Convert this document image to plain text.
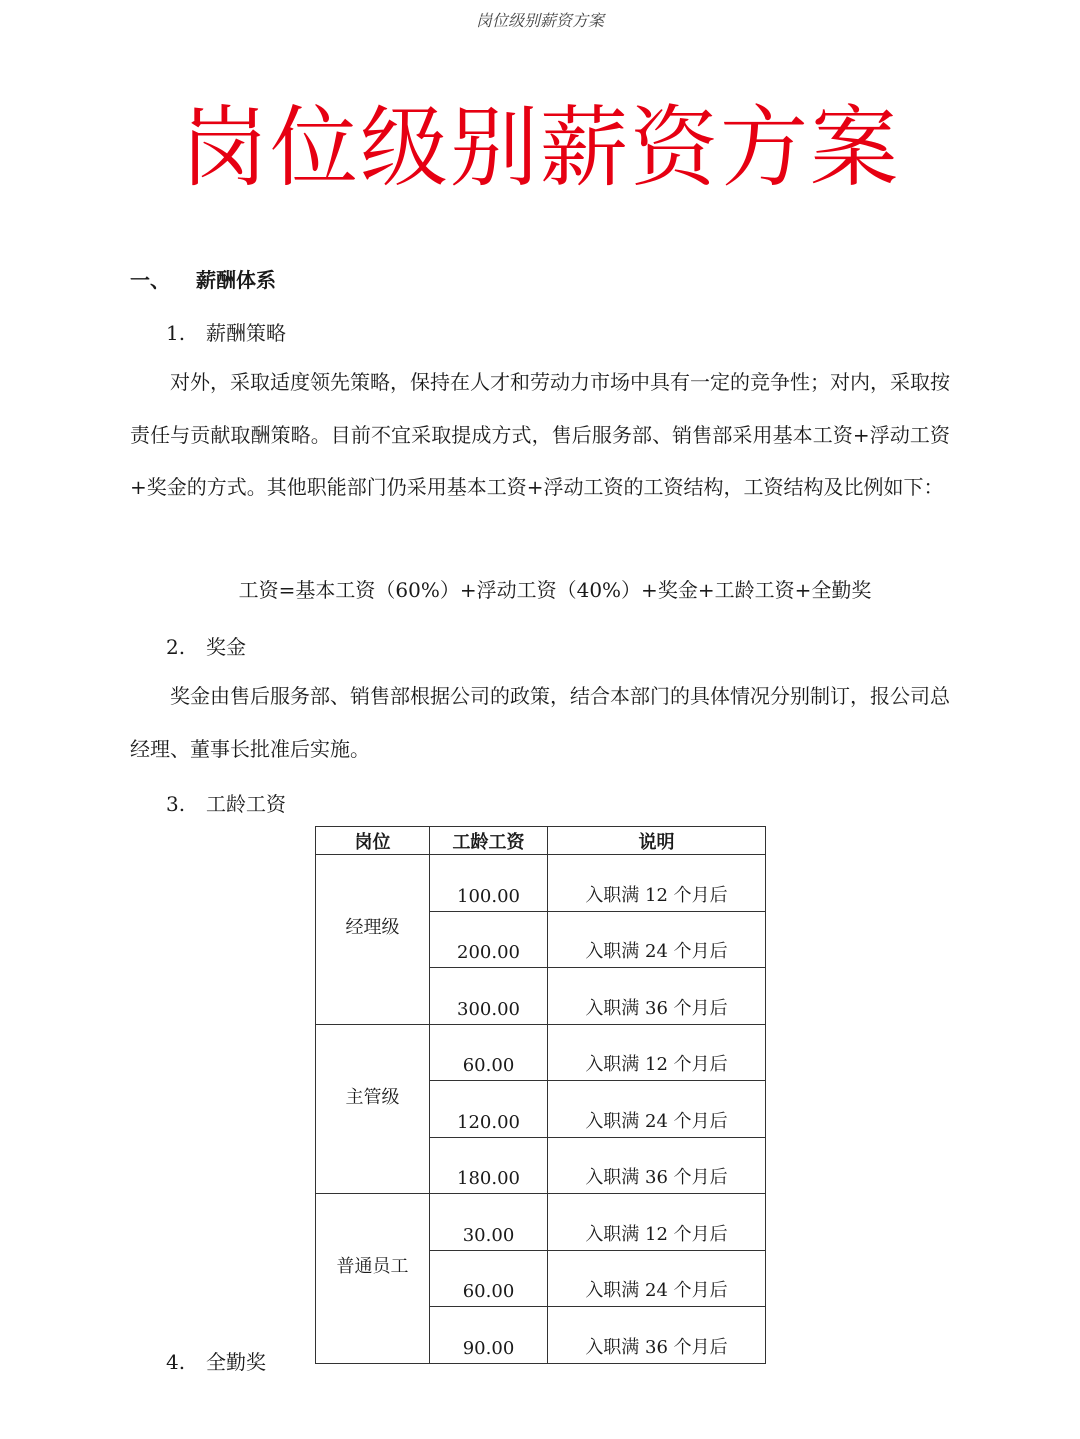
岗位级别薪资方案
岗位级别薪资方案
一、 薪酬体系
1. 薪酬策略

对外，采取适度领先策略，保持在人才和劳动力市场中具有一定的竞争性；对内，采取按责任与贡献取酬策略。目前不宜采取提成方式，售后服务部、销售部采用基本工资+浮动工资+奖金的方式。其他职能部门仍采用基本工资+浮动工资的工资结构，工资结构及比例如下：

工资=基本工资（60%）+浮动工资（40%）+奖金+工龄工资+全勤奖
2. 奖金

奖金由售后服务部、销售部根据公司的政策，结合本部门的具体情况分别制订，报公司总经理、董事长批准后实施。

3. 工龄工资
岗位	工龄工资	说明
经理级	100.00	入职满 12 个月后
	200.00	入职满 24 个月后
	300.00	入职满 36 个月后
主管级	60.00	入职满 12 个月后
	120.00	入职满 24 个月后
	180.00	入职满 36 个月后
普通员工	30.00	入职满 12 个月后
	60.00	入职满 24 个月后
	90.00	入职满 36 个月后
4. 全勤奖
